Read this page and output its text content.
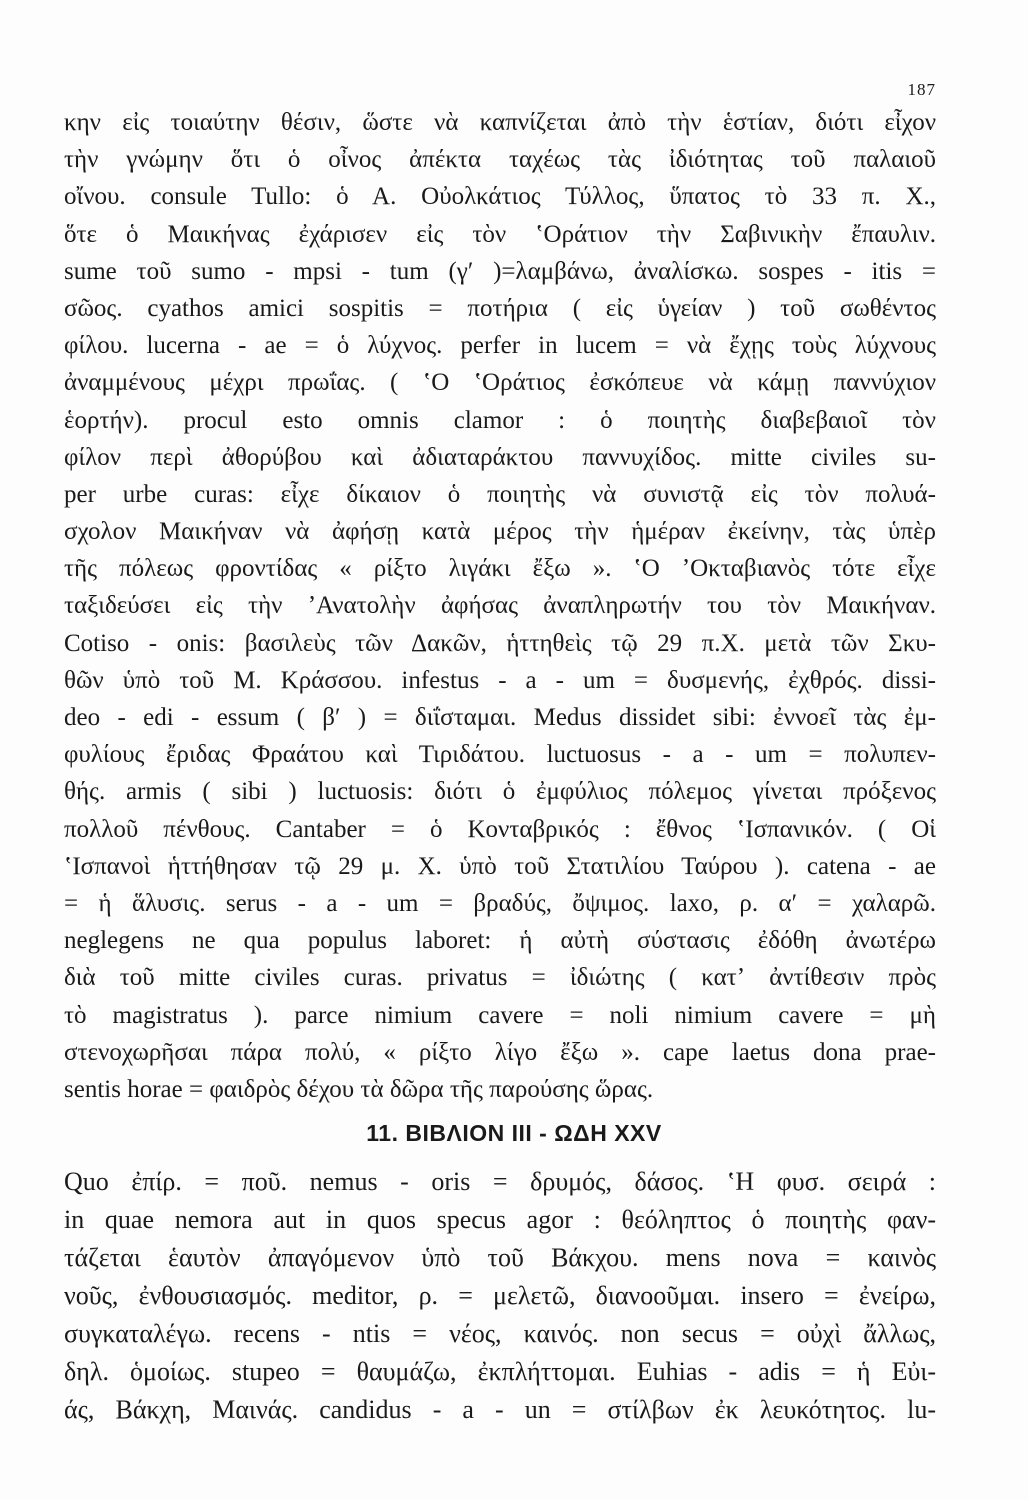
187
κην εἰς τοιαύτην θέσιν, ὥστε νὰ καπνίζεται ἀπὸ τὴν ἑστίαν, διότι εἶχον
τὴν γνώμην ὅτι ὁ οἶνος ἀπέκτα ταχέως τὰς ἰδιότητας τοῦ παλαιοῦ
οἴνου. consule Tullo: ὁ Α. Οὐολκάτιος Τύλλος, ὕπατος τὸ 33 π. Χ.,
ὅτε ὁ Μαικήνας ἐχάρισεν εἰς τὸν ʽΟράτιον τὴν Σαβινικὴν ἔπαυλιν.
sume τοῦ sumo - mpsi - tum (γʹ )=λαμβάνω, ἀναλίσκω. sospes - itis =
σῶος. cyathos amici sospitis = ποτήρια ( εἰς ὑγείαν ) τοῦ σωθέντος
φίλου. lucerna - ae = ὁ λύχνος. perfer in lucem = νὰ ἔχῃς τοὺς λύχνους
ἀναμμένους μέχρι πρωΐας. ( ʽΟ ʽΟράτιος ἐσκόπευε νὰ κάμῃ παννύχιον
ἑορτήν). procul esto omnis clamor : ὁ ποιητὴς διαβεβαιοῖ τὸν
φίλον περὶ ἀθορύβου καὶ ἀδιαταράκτου παννυχίδος. mitte civiles su-
per urbe curas: εἶχε δίκαιον ὁ ποιητὴς νὰ συνιστᾷ εἰς τὸν πολυά-
σχολον Μαικήναν νὰ ἀφήσῃ κατὰ μέρος τὴν ἡμέραν ἐκείνην, τὰς ὑπὲρ
τῆς πόλεως φροντίδας « ρίξτο λιγάκι ἔξω ». ʽΟ ʼΟκταβιανὸς τότε εἶχε
ταξιδεύσει εἰς τὴν ʼΑνατολὴν ἀφήσας ἀναπληρωτήν του τὸν Μαικήναν.
Cotiso - onis: βασιλεὺς τῶν Δακῶν, ἡττηθεὶς τῷ 29 π.Χ. μετὰ τῶν Σκυ-
θῶν ὑπὸ τοῦ Μ. Κράσσου. infestus - a - um = δυσμενής, ἐχθρός. dissi-
deo - edi - essum ( βʹ ) = διΐσταμαι. Medus dissidet sibi: ἐννοεῖ τὰς ἐμ-
φυλίους ἔριδας Φραάτου καὶ Τιριδάτου. luctuosus - a - um = πολυπεν-
θής. armis ( sibi ) luctuosis: διότι ὁ ἐμφύλιος πόλεμος γίνεται πρόξενος
πολλοῦ πένθους. Cantaber = ὁ Κονταβρικός : ἔθνος ʽΙσπανικόν. ( Οἱ
ʽΙσπανοὶ ἡττήθησαν τῷ 29 μ. Χ. ὑπὸ τοῦ Στατιλίου Ταύρου ). catena - ae
= ἡ ἅλυσις. serus - a - um = βραδύς, ὄψιμος. laxo, ρ. αʹ = χαλαρῶ.
neglegens ne qua populus laboret: ἡ αὐτὴ σύστασις ἐδόθη ἀνωτέρω
διὰ τοῦ mitte civiles curas. privatus = ἰδιώτης ( κατʼ ἀντίθεσιν πρὸς
τὸ magistratus ). parce nimium cavere = noli nimium cavere = μὴ
στενοχωρῆσαι πάρα πολύ, « ρίξτο λίγο ἔξω ». cape laetus dona prae-
sentis horae = φαιδρὸς δέχου τὰ δῶρα τῆς παρούσης ὥρας.
11. ΒΙΒΛΙΟΝ III - ΩΔΗ XXV
Quo ἐπίρ. = ποῦ. nemus - oris = δρυμός, δάσος. ʽΗ φυσ. σειρά :
in quae nemora aut in quos specus agor : θεόληπτος ὁ ποιητὴς φαν-
τάζεται ἑαυτὸν ἀπαγόμενον ὑπὸ τοῦ Βάκχου. mens nova = καινὸς
νοῦς, ἐνθουσιασμός. meditor, ρ. = μελετῶ, διανοοῦμαι. insero = ἐνείρω,
συγκαταλέγω. recens - ntis = νέος, καινός. non secus = οὐχὶ ἄλλως,
δηλ. ὁμοίως. stupeo = θαυμάζω, ἐκπλήττομαι. Euhias - adis = ἡ Εὐι-
άς, Βάκχη, Μαινάς. candidus - a - un = στίλβων ἐκ λευκότητος. lu-
